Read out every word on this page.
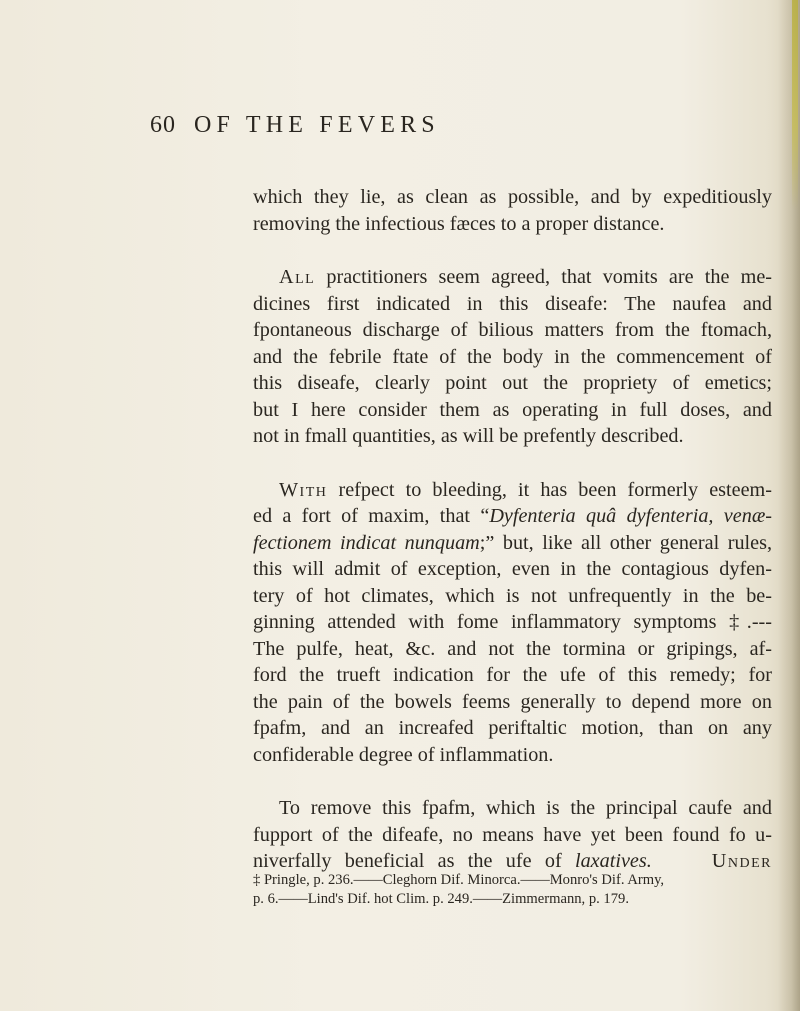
60 OF THE FEVERS

which they lie, as clean as possible, and by expeditiously
removing the infectious fæces to a proper distance.

All practitioners seem agreed, that vomits are the me-
dicines first indicated in this diseafe: The naufea and
fpontaneous discharge of bilious matters from the ftomach,
and the febrile ftate of the body in the commencement of
this diseafe, clearly point out the propriety of emetics;
but I here consider them as operating in full doses, and
not in fmall quantities, as will be prefently described.

With refpect to bleeding, it has been formerly esteem-
ed a fort of maxim, that “Dyfenteria quâ dyfenteria, venæ-
fectionem indicat nunquam;” but, like all other general rules,
this will admit of exception, even in the contagious dyfen-
tery of hot climates, which is not unfrequently in the be-
ginning attended with fome inflammatory symptoms ‡.---
The pulfe, heat, &c. and not the tormina or gripings, af-
ford the trueft indication for the ufe of this remedy; for
the pain of the bowels feems generally to depend more on
fpafm, and an increafed periftaltic motion, than on any
confiderable degree of inflammation.

To remove this fpafm, which is the principal caufe and
fupport of the difeafe, no means have yet been found fo u-
niverfally beneficial as the ufe of laxatives.	Under

‡ Pringle, p. 236.——Cleghorn Dif. Minorca.——Monro's Dif. Army,
p. 6.——Lind's Dif. hot Clim. p. 249.——Zimmermann, p. 179.
